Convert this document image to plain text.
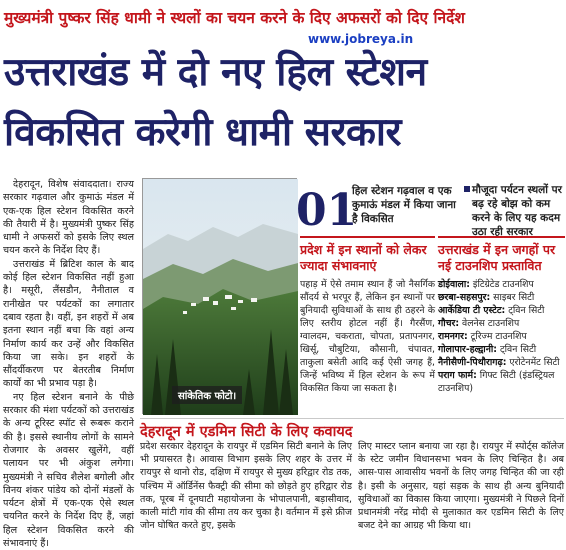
मुख्यमंत्री पुष्कर सिंह धामी ने स्थलों का चयन करने के दिए अफसरों को दिए निर्देश
www.jobreya.in
उत्तराखंड में दो नए हिल स्टेशन
विकसित करेगी धामी सरकार

देहरादून, विशेष संवाददाता। राज्य सरकार गढ़वाल और कुमाऊं मंडल में एक-एक हिल स्टेशन विकसित करने की तैयारी में है। मुख्यमंत्री पुष्कर सिंह धामी ने अफसरों को इसके लिए स्थल चयन करने के निर्देश दिए हैं।

उत्तराखंड में ब्रिटिश काल के बाद कोई हिल स्टेशन विकसित नहीं हुआ है। मसूरी, लैंसडौन, नैनीताल व रानीखेत पर पर्यटकों का लगातार दबाव रहता है। वहीं, इन शहरों में अब इतना स्थान नहीं बचा कि वहां अन्य निर्माण कार्य कर उन्हें और विकसित किया जा सके। इन शहरों के सौंदर्यीकरण पर बेतरतीब निर्माण कार्यों का भी प्रभाव पड़ा है।

नए हिल स्टेशन बनाने के पीछे सरकार की मंशा पर्यटकों को उत्तराखंड के अन्य टूरिस्ट स्पॉट से रूबरू कराने की है। इससे स्थानीय लोगों के सामने रोजगार के अवसर खुलेंगे, वहीं पलायन पर भी अंकुश लगेगा। मुख्यमंत्री ने सचिव शैलेश बगोली और विनय शंकर पांडेय को दोनों मंडलों के पर्यटन क्षेत्रों में एक-एक ऐसे स्थल चयनित करने के निर्देश दिए हैं, जहां हिल स्टेशन विकसित करने की संभावनाएं हैं।

सांकेतिक फोटो।
01
हिल स्टेशन गढ़वाल व एक कुमाऊं मंडल में किया जाना है विकसित
मौजूदा पर्यटन स्थलों पर बढ़ रहे बोझ को कम करने के लिए यह कदम उठा रही सरकार
प्रदेश में इन स्थानों को लेकर ज्यादा संभावनाएं
पहाड़ में ऐसे तमाम स्थान हैं जो नैसर्गिक सौंदर्य से भरपूर हैं, लेकिन इन स्थानों पर बुनियादी सुविधाओं के साथ ही ठहरने के लिए स्तरीय होटल नहीं हैं। गैरसैंण, ग्वालदम, चकराता, चोपता, प्रतापनगर, खिर्सू, चौबुटिया, कौसानी, चंपावत, ताकुला बसेती आदि कई ऐसी जगह हैं, जिन्हें भविष्य में हिल स्टेशन के रूप में विकसित किया जा सकता है।
उत्तराखंड में इन जगहों पर नई टाउनशिप प्रस्तावित
डोईवाला: इंटिग्रेटेड टाउनशिप
छरबा-सहसपुर: साइबर सिटी
आर्केडिया टी एस्टेट: ट्विन सिटी
गौचर: वेलनेस टाउनशिप
रामनगर: टूरिज्म टाउनशिप
गोलापार-हल्द्वानी: ट्विन सिटी
नैनीसैणी-पिथौरागढ़: एरोटेनमेंट सिटी
पराग फार्म: गिफ्ट सिटी (इंडस्ट्रियल टाउनशिप)
देहरादून में एडमिन सिटी के लिए कवायद
प्रदेश सरकार देहरादून के रायपुर में एडमिन सिटी बनाने के लिए भी प्रयासरत है। आवास विभाग इसके लिए शहर के उत्तर में रायपुर से थानो रोड, दक्षिण में रायपुर से मुख्य हरिद्वार रोड तक, पश्चिम में ऑर्डिनेंस फैक्ट्री की सीमा को छोड़ते हुए हरिद्वार रोड तक, पूरब में दूनघाटी महायोजना के भोपालपानी, बड़ासीवाद, काली मांटी गांव की सीमा तय कर चुका है। वर्तमान में इसे फ्रीज जोन घोषित करते हुए, इसके
लिए मास्टर प्लान बनाया जा रहा है। रायपुर में स्पोर्ट्स कॉलेज के स्टेट जमीन विधानसभा भवन के लिए चिन्हित है। अब आस-पास आवासीय भवनों के लिए जगह चिन्हित की जा रही है। इसी के अनुसार, यहां सड़क के साथ ही अन्य बुनियादी सुविधाओं का विकास किया जाएगा। मुख्यमंत्री ने पिछले दिनों प्रधानमंत्री नरेंद्र मोदी से मुलाकात कर एडमिन सिटी के लिए बजट देने का आग्रह भी किया था।
